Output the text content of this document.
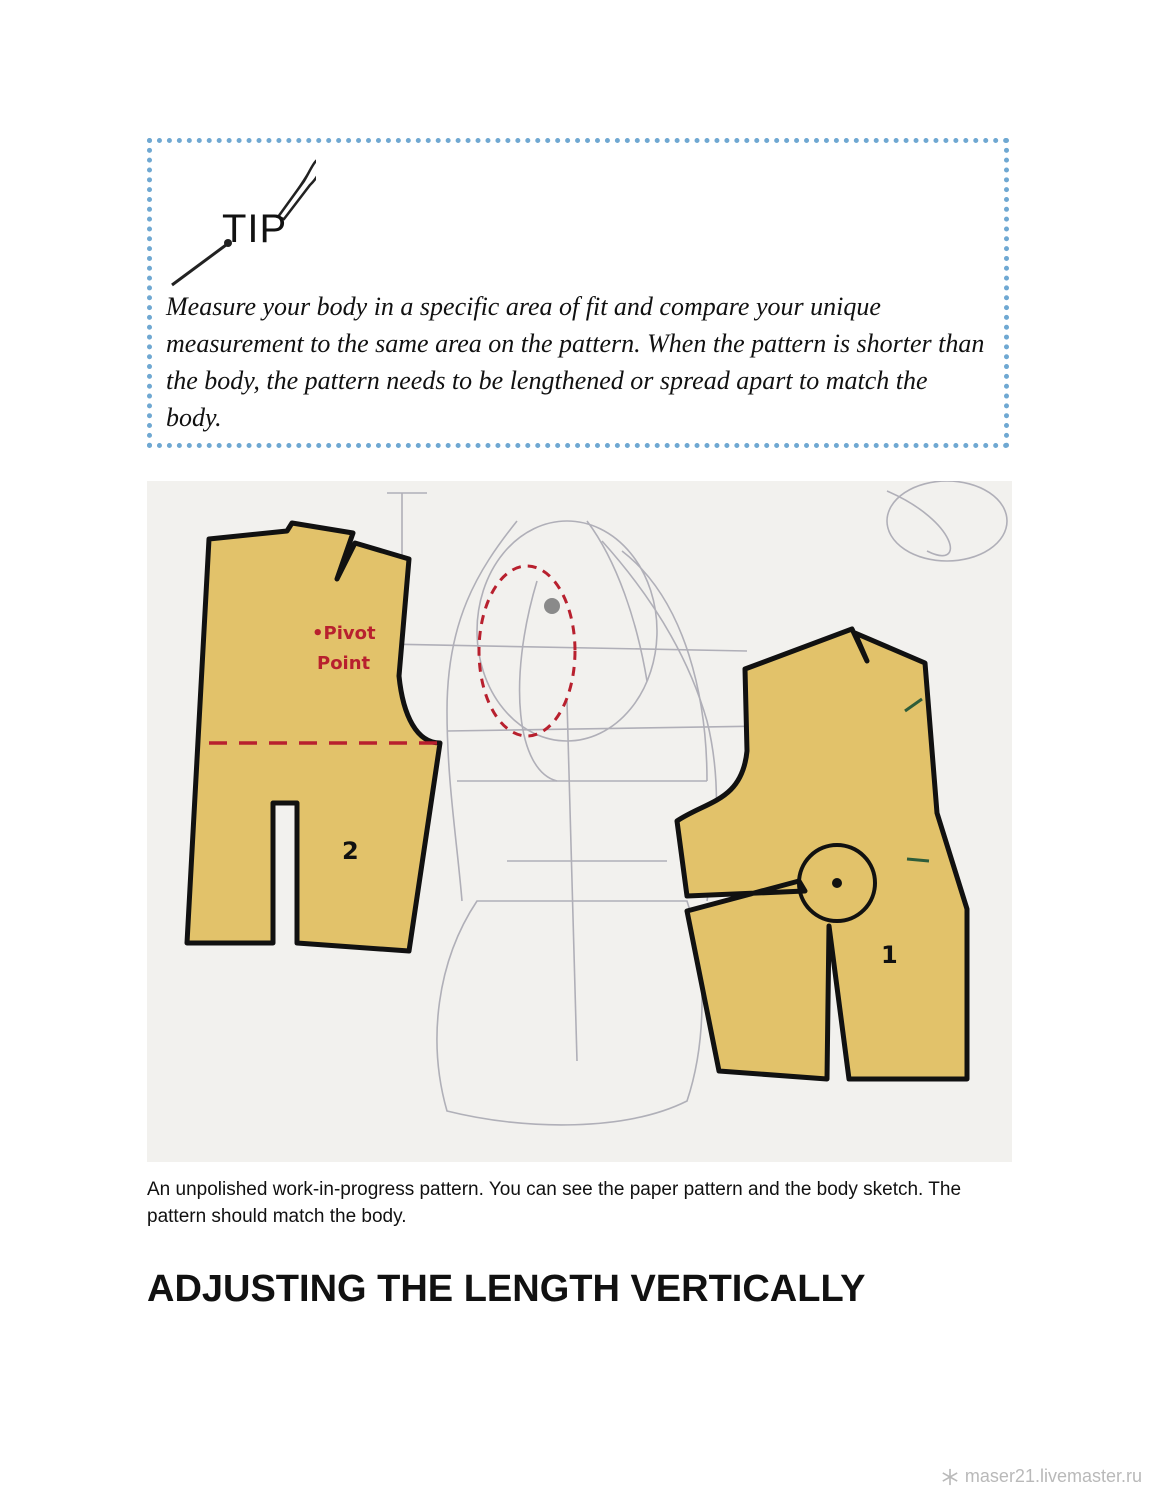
TIP

Measure your body in a specific area of fit and compare your unique measurement to the same area on the pattern. When the pattern is shorter than the body, the pattern needs to be lengthened or spread apart to match the body.

•Pivot
Point
2
1

An unpolished work-in-progress pattern. You can see the paper pattern and the body sketch. The pattern should match the body.

ADJUSTING THE LENGTH VERTICALLY
maser21.livemaster.ru
